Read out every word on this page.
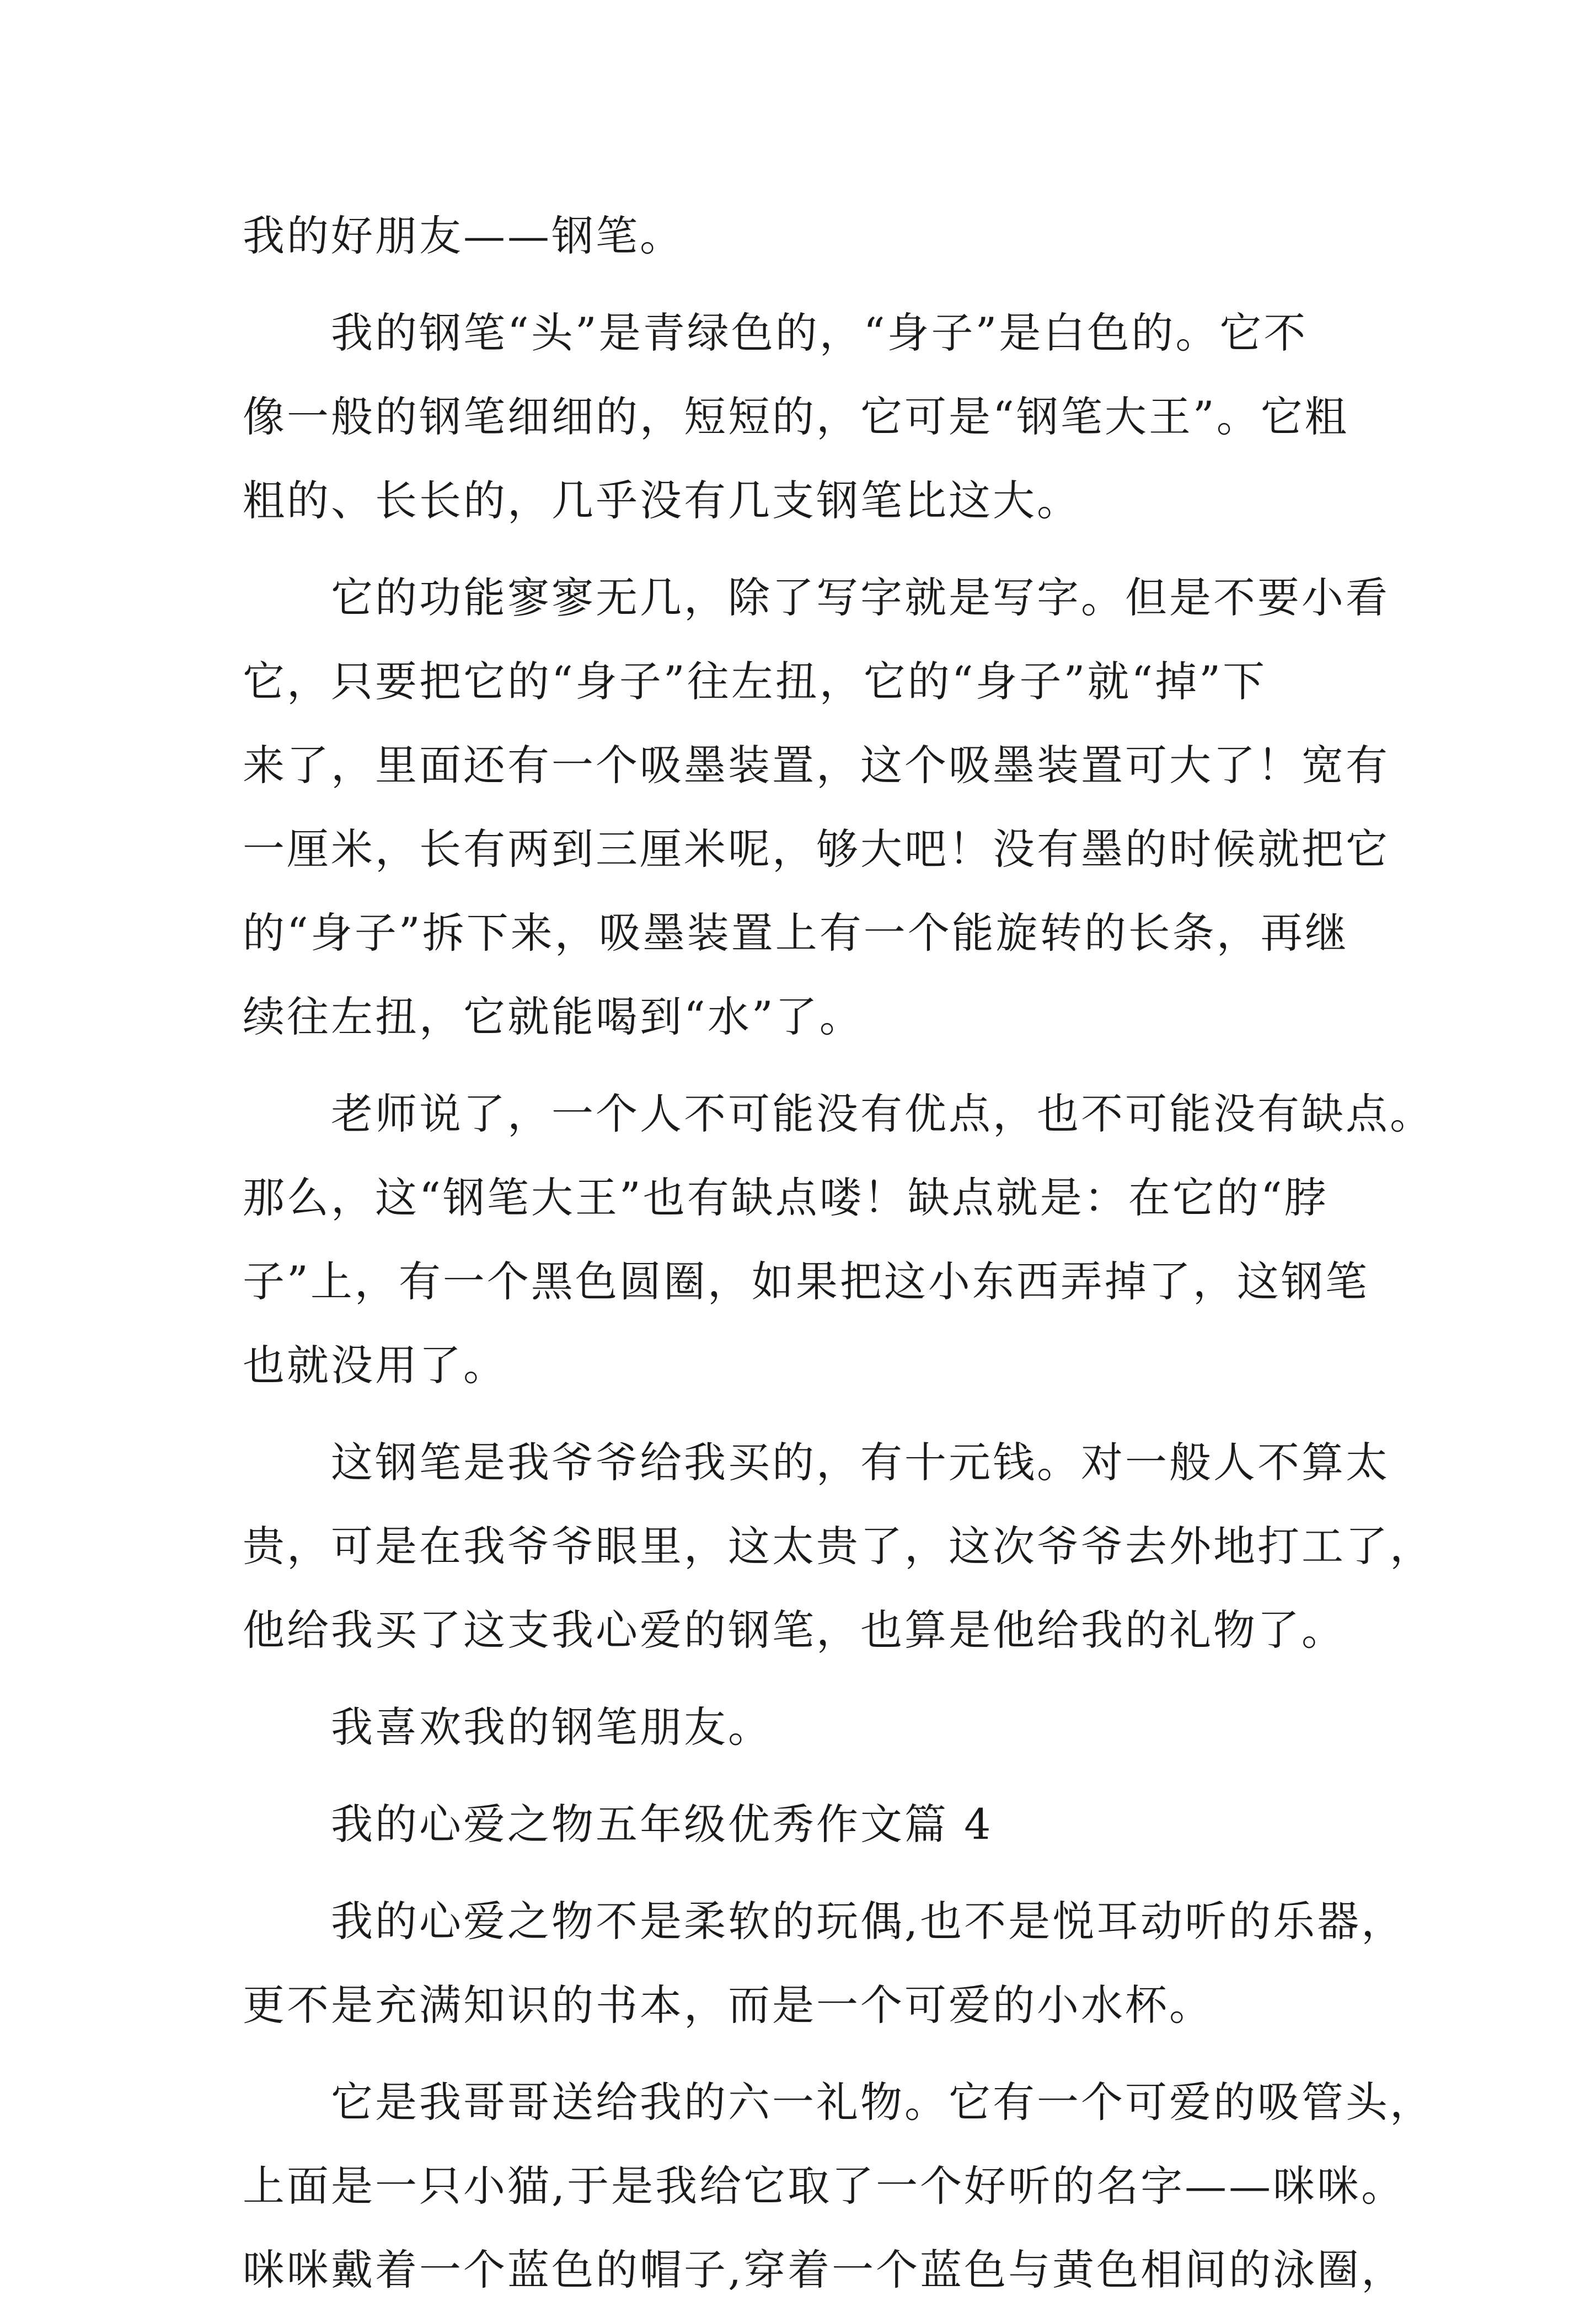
我的好朋友——钢笔。
　　我的钢笔“头”是青绿色的，“身子”是白色的。它不
像一般的钢笔细细的，短短的，它可是“钢笔大王”。它粗
粗的、长长的，几乎没有几支钢笔比这大。
　　它的功能寥寥无几，除了写字就是写字。但是不要小看
它，只要把它的“身子”往左扭，它的“身子”就“掉”下
来了，里面还有一个吸墨装置，这个吸墨装置可大了！宽有
一厘米，长有两到三厘米呢，够大吧！没有墨的时候就把它
的“身子”拆下来，吸墨装置上有一个能旋转的长条，再继
续往左扭，它就能喝到“水”了。
　　老师说了，一个人不可能没有优点，也不可能没有缺点。
那么，这“钢笔大王”也有缺点喽！缺点就是：在它的“脖
子”上，有一个黑色圆圈，如果把这小东西弄掉了，这钢笔
也就没用了。
　　这钢笔是我爷爷给我买的，有十元钱。对一般人不算太
贵，可是在我爷爷眼里，这太贵了，这次爷爷去外地打工了，
他给我买了这支我心爱的钢笔，也算是他给我的礼物了。
　　我喜欢我的钢笔朋友。
　　我的心爱之物五年级优秀作文篇 4
　　我的心爱之物不是柔软的玩偶,也不是悦耳动听的乐器，
更不是充满知识的书本，而是一个可爱的小水杯。
　　它是我哥哥送给我的六一礼物。它有一个可爱的吸管头，
上面是一只小猫,于是我给它取了一个好听的名字——咪咪。
咪咪戴着一个蓝色的帽子,穿着一个蓝色与黄色相间的泳圈，
